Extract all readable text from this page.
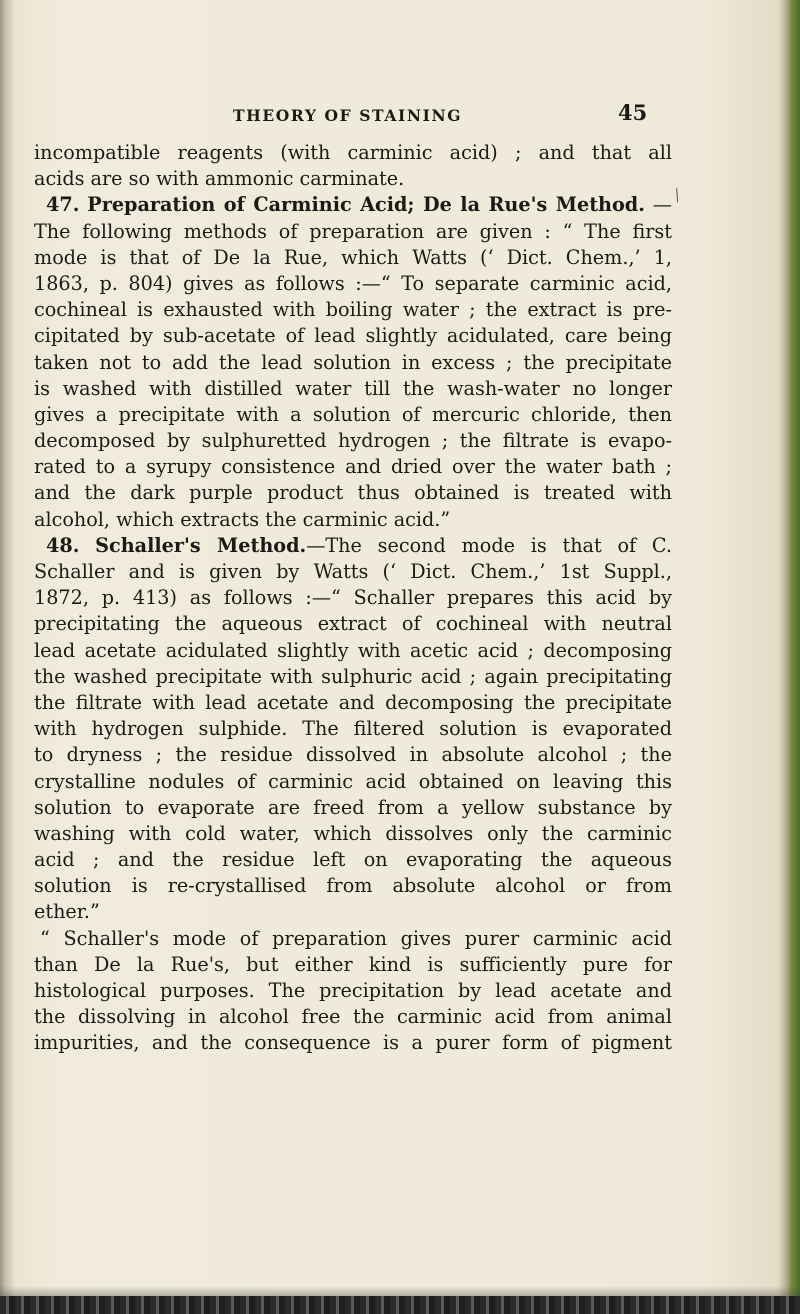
THEORY OF STAINING	45
⁄
incompatible reagents (with carminic acid) ; and that all
acids are so with ammonic carminate.
47. Preparation of Carminic Acid; De la Rue's Method. —
The following methods of preparation are given : “ The first
mode is that of De la Rue, which Watts (‘ Dict. Chem.,’ 1,
1863, p. 804) gives as follows :—“ To separate carminic acid,
cochineal is exhausted with boiling water ; the extract is pre-
cipitated by sub-acetate of lead slightly acidulated, care being
taken not to add the lead solution in excess ; the precipitate
is washed with distilled water till the wash-water no longer
gives a precipitate with a solution of mercuric chloride, then
decomposed by sulphuretted hydrogen ; the filtrate is evapo-
rated to a syrupy consistence and dried over the water bath ;
and the dark purple product thus obtained is treated with
alcohol, which extracts the carminic acid.”
48. Schaller's Method.—The second mode is that of C.
Schaller and is given by Watts (‘ Dict. Chem.,’ 1st Suppl.,
1872, p. 413) as follows :—“ Schaller prepares this acid by
precipitating the aqueous extract of cochineal with neutral
lead acetate acidulated slightly with acetic acid ; decomposing
the washed precipitate with sulphuric acid ; again precipitating
the filtrate with lead acetate and decomposing the precipitate
with hydrogen sulphide. The filtered solution is evaporated
to dryness ; the residue dissolved in absolute alcohol ; the
crystalline nodules of carminic acid obtained on leaving this
solution to evaporate are freed from a yellow substance by
washing with cold water, which dissolves only the carminic
acid ; and the residue left on evaporating the aqueous
solution is re-crystallised from absolute alcohol or from
ether.”
“ Schaller's mode of preparation gives purer carminic acid
than De la Rue's, but either kind is sufficiently pure for
histological purposes. The precipitation by lead acetate and
the dissolving in alcohol free the carminic acid from animal
impurities, and the consequence is a purer form of pigment
